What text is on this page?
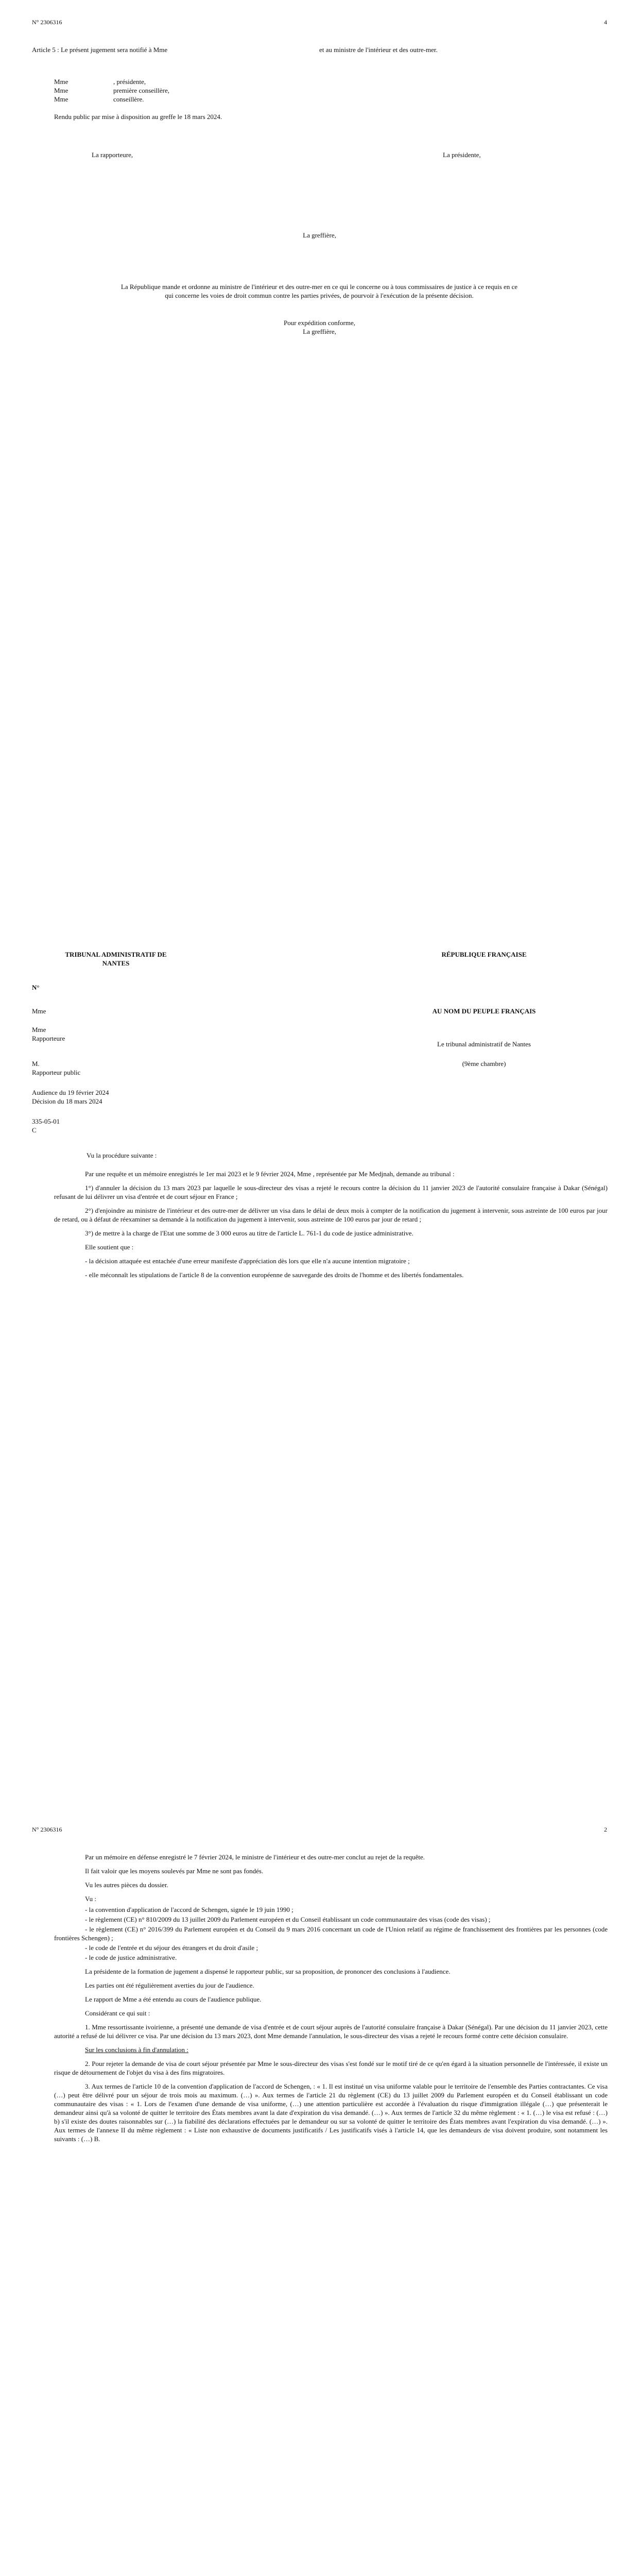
N° 2306316	4
Article 5 : Le présent jugement sera notifié à Mme	et au ministre de l'intérieur et des outre-mer.
Mme	, présidente,
Mme	première conseillère,
Mme	conseillère.
Rendu public par mise à disposition au greffe le 18 mars 2024.
La rapporteure,	La présidente,
La greffière,
La République mande et ordonne au ministre de l'intérieur et des outre-mer en ce qui le concerne ou à tous commissaires de justice à ce requis en ce qui concerne les voies de droit commun contre les parties privées, de pourvoir à l'exécution de la présente décision.
Pour expédition conforme,
La greffière,
TRIBUNAL ADMINISTRATIF DE NANTES
RÉPUBLIQUE FRANÇAISE
N°
Mme	AU NOM DU PEUPLE FRANÇAIS
Mme
Rapporteure
Le tribunal administratif de Nantes
M.	(9ème chambre)
Rapporteur public
Audience du 19 février 2024
Décision du 18 mars 2024
335-05-01
C
Vu la procédure suivante :

Par une requête et un mémoire enregistrés le 1er mai 2023 et le 9 février 2024, Mme , représentée par Me Medjnah, demande au tribunal :

1°) d'annuler la décision du 13 mars 2023 par laquelle le sous-directeur des visas a rejeté le recours contre la décision du 11 janvier 2023 de l'autorité consulaire française à Dakar (Sénégal) refusant de lui délivrer un visa d'entrée et de court séjour en France ;

2°) d'enjoindre au ministre de l'intérieur et des outre-mer de délivrer un visa dans le délai de deux mois à compter de la notification du jugement à intervenir, sous astreinte de 100 euros par jour de retard, ou à défaut de réexaminer sa demande à la notification du jugement à intervenir, sous astreinte de 100 euros par jour de retard ;

3°) de mettre à la charge de l'Etat une somme de 3 000 euros au titre de l'article L. 761-1 du code de justice administrative.

Elle soutient que :

- la décision attaquée est entachée d'une erreur manifeste d'appréciation dès lors que elle n'a aucune intention migratoire ;

- elle méconnaît les stipulations de l'article 8 de la convention européenne de sauvegarde des droits de l'homme et des libertés fondamentales.

N° 2306316	2

Par un mémoire en défense enregistré le 7 février 2024, le ministre de l'intérieur et des outre-mer conclut au rejet de la requête.

Il fait valoir que les moyens soulevés par Mme ne sont pas fondés.

Vu les autres pièces du dossier.

Vu :

- la convention d'application de l'accord de Schengen, signée le 19 juin 1990 ;

- le règlement (CE) n° 810/2009 du 13 juillet 2009 du Parlement européen et du Conseil établissant un code communautaire des visas (code des visas) ;

- le règlement (CE) n° 2016/399 du Parlement européen et du Conseil du 9 mars 2016 concernant un code de l'Union relatif au régime de franchissement des frontières par les personnes (code frontières Schengen) ;

- le code de l'entrée et du séjour des étrangers et du droit d'asile ;

- le code de justice administrative.

La présidente de la formation de jugement a dispensé le rapporteur public, sur sa proposition, de prononcer des conclusions à l'audience.

Les parties ont été régulièrement averties du jour de l'audience.

Le rapport de Mme a été entendu au cours de l'audience publique.

Considérant ce qui suit :

1. Mme ressortissante ivoirienne, a présenté une demande de visa d'entrée et de court séjour auprès de l'autorité consulaire française à Dakar (Sénégal). Par une décision du 11 janvier 2023, cette autorité a refusé de lui délivrer ce visa. Par une décision du 13 mars 2023, dont Mme demande l'annulation, le sous-directeur des visas a rejeté le recours formé contre cette décision consulaire.

Sur les conclusions à fin d'annulation :

2. Pour rejeter la demande de visa de court séjour présentée par Mme le sous-directeur des visas s'est fondé sur le motif tiré de ce qu'en égard à la situation personnelle de l'intéressée, il existe un risque de détournement de l'objet du visa à des fins migratoires.

3. Aux termes de l'article 10 de la convention d'application de l'accord de Schengen, : « 1. Il est institué un visa uniforme valable pour le territoire de l'ensemble des Parties contractantes. Ce visa (…) peut être délivré pour un séjour de trois mois au maximum. (…) ». Aux termes de l'article 21 du règlement (CE) du 13 juillet 2009 du Parlement européen et du Conseil établissant un code communautaire des visas : « 1. Lors de l'examen d'une demande de visa uniforme, (…) une attention particulière est accordée à l'évaluation du risque d'immigration illégale (…) que présenterait le demandeur ainsi qu'à sa volonté de quitter le territoire des États membres avant la date d'expiration du visa demandé. (…) ». Aux termes de l'article 32 du même règlement : « 1. (…) le visa est refusé : (…) b) s'il existe des doutes raisonnables sur (…) la fiabilité des déclarations effectuées par le demandeur ou sur sa volonté de quitter le territoire des États membres avant l'expiration du visa demandé. (…) ». Aux termes de l'annexe II du même règlement : « Liste non exhaustive de documents justificatifs / Les justificatifs visés à l'article 14, que les demandeurs de visa doivent produire, sont notamment les suivants : (…) B.
